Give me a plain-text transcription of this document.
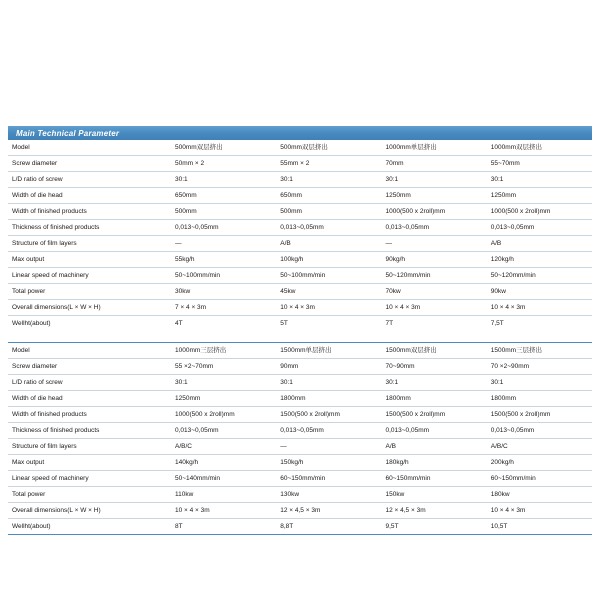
Main Technical Parameter
Model	500mm双层挤出	500mm双层挤出	1000mm单层挤出	1000mm双层挤出
Screw diameter	50mm × 2	55mm × 2	70mm	55~70mm
L/D ratio of screw	30:1	30:1	30:1	30:1
Width of die head	650mm	650mm	1250mm	1250mm
Width of finished products	500mm	500mm	1000(500 x 2roll)mm	1000(500 x 2roll)mm
Thickness of finished products	0,013~0,05mm	0,013~0,05mm	0,013~0,05mm	0,013~0,05mm
Structure of film layers	—	A/B	—	A/B
Max output	55kg/h	100kg/h	90kg/h	120kg/h
Linear speed of machinery	50~100mm/min	50~100mm/min	50~120mm/min	50~120mm/min
Total power	30kw	45kw	70kw	90kw
Overall dimensions(L × W × H)	7 × 4 × 3m	10 × 4 × 3m	10 × 4 × 3m	10 × 4 × 3m
Wellht(about)	4T	5T	7T	7,5T
Model	1000mm三层挤出	1500mm单层挤出	1500mm双层挤出	1500mm三层挤出
Screw diameter	55 ×2~70mm	90mm	70~90mm	70 ×2~90mm
L/D ratio of screw	30:1	30:1	30:1	30:1
Width of die head	1250mm	1800mm	1800mm	1800mm
Width of finished products	1000(500 x 2roll)mm	1500(500 x 2roll)mm	1500(500 x 2roll)mm	1500(500 x 2roll)mm
Thickness of finished products	0,013~0,05mm	0,013~0,05mm	0,013~0,05mm	0,013~0,05mm
Structure of film layers	A/B/C	—	A/B	A/B/C
Max output	140kg/h	150kg/h	180kg/h	200kg/h
Linear speed of machinery	50~140mm/min	60~150mm/min	60~150mm/min	60~150mm/min
Total power	110kw	130kw	150kw	180kw
Overall dimensions(L × W × H)	10 × 4 × 3m	12 × 4,5 × 3m	12 × 4,5 × 3m	10 × 4 × 3m
Wellht(about)	8T	8,8T	9,5T	10,5T
